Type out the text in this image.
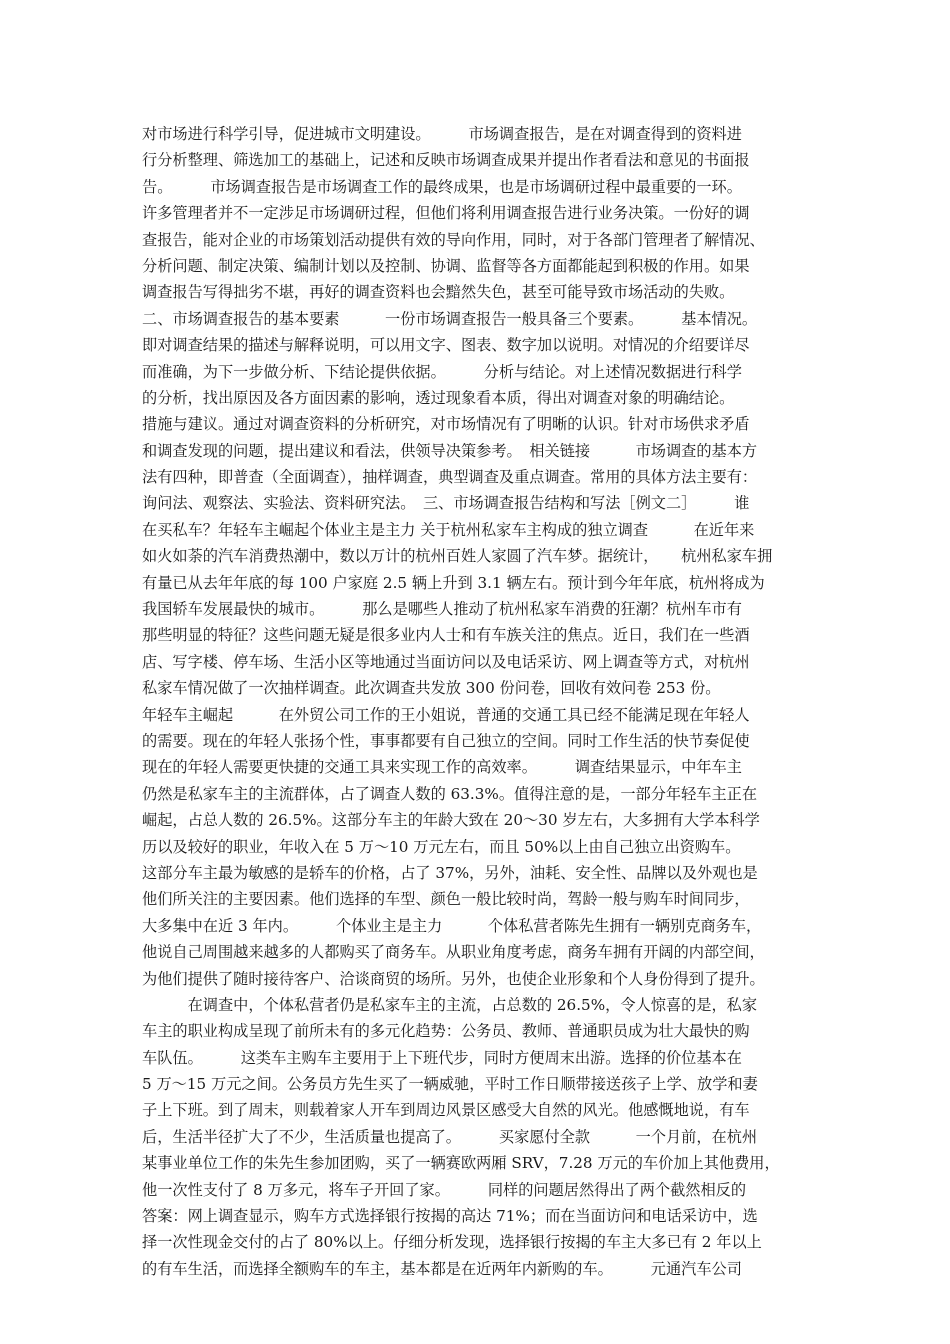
对市场进行科学引导，促进城市文明建设。　　　市场调查报告，是在对调查得到的资料进
行分析整理、筛选加工的基础上，记述和反映市场调查成果并提出作者看法和意见的书面报
告。　　　市场调查报告是市场调查工作的最终成果，也是市场调研过程中最重要的一环。
许多管理者并不一定涉足市场调研过程，但他们将利用调查报告进行业务决策。一份好的调
查报告，能对企业的市场策划活动提供有效的导向作用，同时，对于各部门管理者了解情况、
分析问题、制定决策、编制计划以及控制、协调、监督等各方面都能起到积极的作用。如果
调查报告写得拙劣不堪，再好的调查资料也会黯然失色，甚至可能导致市场活动的失败。
二、市场调查报告的基本要素　　　一份市场调查报告一般具备三个要素。　　　基本情况。
即对调查结果的描述与解释说明，可以用文字、图表、数字加以说明。对情况的介绍要详尽
而准确，为下一步做分析、下结论提供依据。　　　分析与结论。对上述情况数据进行科学
的分析，找出原因及各方面因素的影响，透过现象看本质，得出对调查对象的明确结论。
措施与建议。通过对调查资料的分析研究，对市场情况有了明晰的认识。针对市场供求矛盾
和调查发现的问题，提出建议和看法，供领导决策参考。　相关链接　　　市场调查的基本方
法有四种，即普查（全面调查），抽样调查，典型调查及重点调查。常用的具体方法主要有：
询问法、观察法、实验法、资料研究法。　三、市场调查报告结构和写法［例文二］　　　谁
在买私车？年轻车主崛起个体业主是主力 关于杭州私家车主构成的独立调查　　　在近年来
如火如荼的汽车消费热潮中，数以万计的杭州百姓人家圆了汽车梦。据统计，　　杭州私家车拥
有量已从去年年底的每 100 户家庭 2.5 辆上升到 3.1 辆左右。预计到今年年底，杭州将成为
我国轿车发展最快的城市。　　　那么是哪些人推动了杭州私家车消费的狂潮？杭州车市有
那些明显的特征？这些问题无疑是很多业内人士和有车族关注的焦点。近日，我们在一些酒
店、写字楼、停车场、生活小区等地通过当面访问以及电话采访、网上调查等方式，对杭州
私家车情况做了一次抽样调查。此次调查共发放 300 份问卷，回收有效问卷 253 份。
年轻车主崛起　　　在外贸公司工作的王小姐说，普通的交通工具已经不能满足现在年轻人
的需要。现在的年轻人张扬个性，事事都要有自己独立的空间。同时工作生活的快节奏促使
现在的年轻人需要更快捷的交通工具来实现工作的高效率。　　　调查结果显示，中年车主
仍然是私家车主的主流群体，占了调查人数的 63.3%。值得注意的是，一部分年轻车主正在
崛起，占总人数的 26.5%。这部分车主的年龄大致在 20～30 岁左右，大多拥有大学本科学
历以及较好的职业，年收入在 5 万～10 万元左右，而且 50%以上由自己独立出资购车。
这部分车主最为敏感的是轿车的价格，占了 37%，另外，油耗、安全性、品牌以及外观也是
他们所关注的主要因素。他们选择的车型、颜色一般比较时尚，驾龄一般与购车时间同步，
大多集中在近 3 年内。　　　个体业主是主力　　　个体私营者陈先生拥有一辆别克商务车，
他说自己周围越来越多的人都购买了商务车。从职业角度考虑，商务车拥有开阔的内部空间，
为他们提供了随时接待客户、洽谈商贸的场所。另外，也使企业形象和个人身份得到了提升。
　　　在调查中，个体私营者仍是私家车主的主流，占总数的 26.5%，令人惊喜的是，私家
车主的职业构成呈现了前所未有的多元化趋势：公务员、教师、普通职员成为壮大最快的购
车队伍。　　　这类车主购车主要用于上下班代步，同时方便周末出游。选择的价位基本在
5 万～15 万元之间。公务员方先生买了一辆威驰，平时工作日顺带接送孩子上学、放学和妻
子上下班。到了周末，则载着家人开车到周边风景区感受大自然的风光。他感慨地说，有车
后，生活半径扩大了不少，生活质量也提高了。　　　买家愿付全款　　　一个月前，在杭州
某事业单位工作的朱先生参加团购，买了一辆赛欧两厢 SRV，7.28 万元的车价加上其他费用，
他一次性支付了 8 万多元，将车子开回了家。　　　同样的问题居然得出了两个截然相反的
答案：网上调查显示，购车方式选择银行按揭的高达 71%；而在当面访问和电话采访中，选
择一次性现金交付的占了 80%以上。仔细分析发现，选择银行按揭的车主大多已有 2 年以上
的有车生活，而选择全额购车的车主，基本都是在近两年内新购的车。　　　元通汽车公司
